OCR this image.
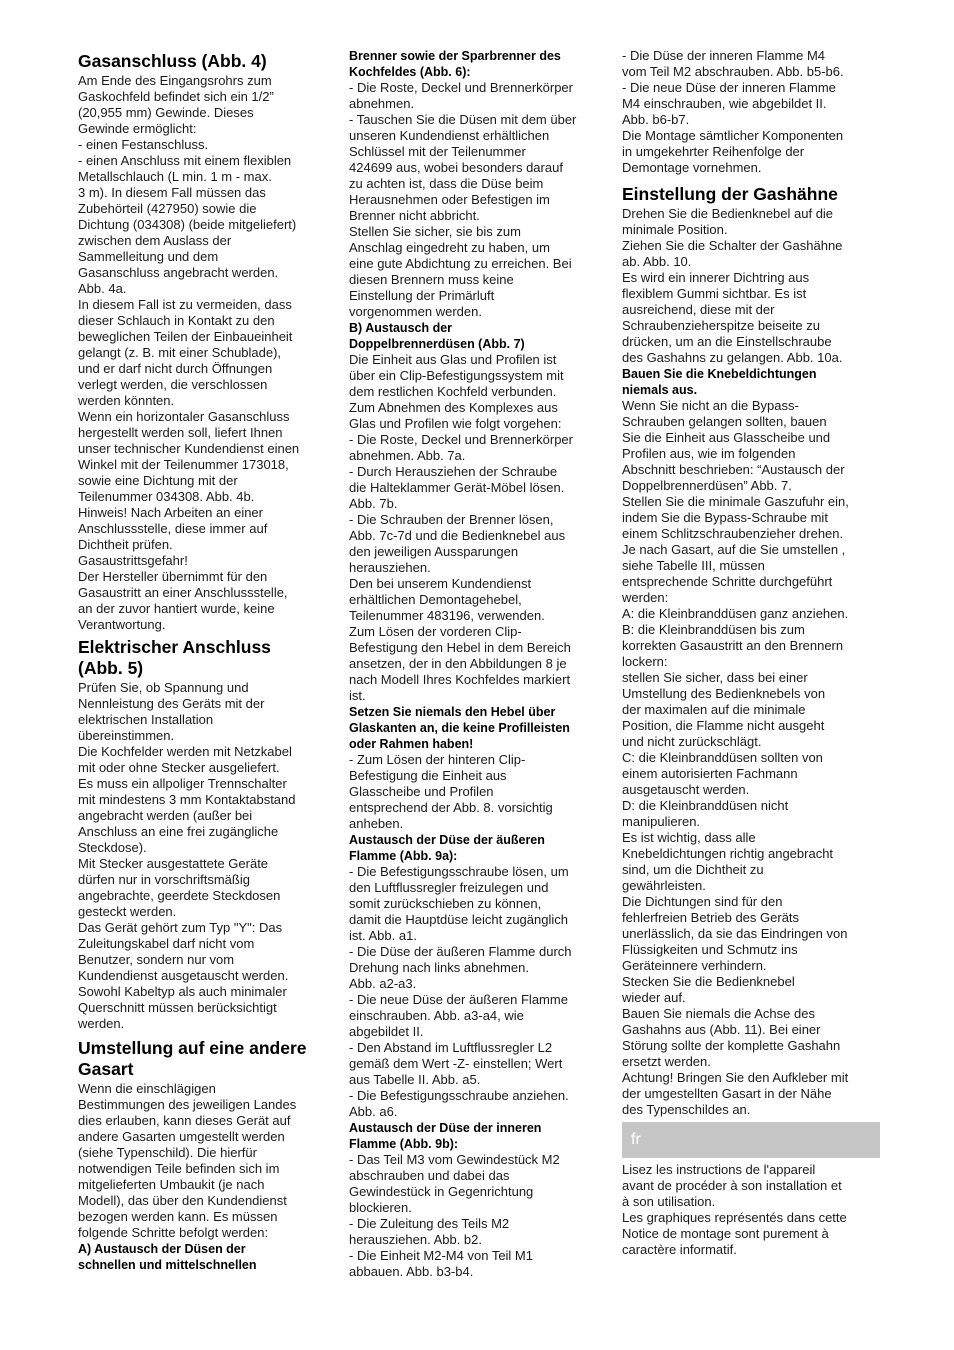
Gasanschluss (Abb. 4)

Am Ende des Eingangsrohrs zum
Gaskochfeld befindet sich ein 1/2”
(20,955 mm) Gewinde. Dieses
Gewinde ermöglicht:
- einen Festanschluss.
- einen Anschluss mit einem flexiblen
Metallschlauch (L min. 1 m - max.
3 m). In diesem Fall müssen das
Zubehörteil (427950) sowie die
Dichtung (034308) (beide mitgeliefert)
zwischen dem Auslass der
Sammelleitung und dem
Gasanschluss angebracht werden.
Abb. 4a.
In diesem Fall ist zu vermeiden, dass
dieser Schlauch in Kontakt zu den
beweglichen Teilen der Einbaueinheit
gelangt (z. B. mit einer Schublade),
und er darf nicht durch Öffnungen
verlegt werden, die verschlossen
werden könnten.
Wenn ein horizontaler Gasanschluss
hergestellt werden soll, liefert Ihnen
unser technischer Kundendienst einen
Winkel mit der Teilenummer 173018,
sowie eine Dichtung mit der
Teilenummer 034308. Abb. 4b.
Hinweis! Nach Arbeiten an einer
Anschlussstelle, diese immer auf
Dichtheit prüfen.
Gasaustrittsgefahr!
Der Hersteller übernimmt für den
Gasaustritt an einer Anschlussstelle,
an der zuvor hantiert wurde, keine
Verantwortung.

Elektrischer Anschluss
(Abb. 5)

Prüfen Sie, ob Spannung und
Nennleistung des Geräts mit der
elektrischen Installation
übereinstimmen.
Die Kochfelder werden mit Netzkabel
mit oder ohne Stecker ausgeliefert.
Es muss ein allpoliger Trennschalter
mit mindestens 3 mm Kontaktabstand
angebracht werden (außer bei
Anschluss an eine frei zugängliche
Steckdose).
Mit Stecker ausgestattete Geräte
dürfen nur in vorschriftsmäßig
angebrachte, geerdete Steckdosen
gesteckt werden.
Das Gerät gehört zum Typ "Y": Das
Zuleitungskabel darf nicht vom
Benutzer, sondern nur vom
Kundendienst ausgetauscht werden.
Sowohl Kabeltyp als auch minimaler
Querschnitt müssen berücksichtigt
werden.

Umstellung auf eine andere
Gasart

Wenn die einschlägigen
Bestimmungen des jeweiligen Landes
dies erlauben, kann dieses Gerät auf
andere Gasarten umgestellt werden
(siehe Typenschild). Die hierfür
notwendigen Teile befinden sich im
mitgelieferten Umbaukit (je nach
Modell), das über den Kundendienst
bezogen werden kann. Es müssen
folgende Schritte befolgt werden:

A) Austausch der Düsen der
schnellen und mittelschnellen

Brenner sowie der Sparbrenner des
Kochfeldes (Abb. 6):

- Die Roste, Deckel und Brennerkörper
abnehmen.
- Tauschen Sie die Düsen mit dem über
unseren Kundendienst erhältlichen
Schlüssel mit der Teilenummer
424699 aus, wobei besonders darauf
zu achten ist, dass die Düse beim
Herausnehmen oder Befestigen im
Brenner nicht abbricht.
Stellen Sie sicher, sie bis zum
Anschlag eingedreht zu haben, um
eine gute Abdichtung zu erreichen. Bei
diesen Brennern muss keine
Einstellung der Primärluft
vorgenommen werden.

B) Austausch der
Doppelbrennerdüsen (Abb. 7)

Die Einheit aus Glas und Profilen ist
über ein Clip-Befestigungssystem mit
dem restlichen Kochfeld verbunden.
Zum Abnehmen des Komplexes aus
Glas und Profilen wie folgt vorgehen:
- Die Roste, Deckel und Brennerkörper
abnehmen. Abb. 7a.
- Durch Herausziehen der Schraube
die Halteklammer Gerät-Möbel lösen.
Abb. 7b.
- Die Schrauben der Brenner lösen,
Abb. 7c-7d und die Bedienknebel aus
den jeweiligen Aussparungen
herausziehen.
Den bei unserem Kundendienst
erhältlichen Demontagehebel,
Teilenummer 483196, verwenden.
Zum Lösen der vorderen Clip-
Befestigung den Hebel in dem Bereich
ansetzen, der in den Abbildungen 8 je
nach Modell Ihres Kochfeldes markiert
ist.

Setzen Sie niemals den Hebel über
Glaskanten an, die keine Profilleisten
oder Rahmen haben!

- Zum Lösen der hinteren Clip-
Befestigung die Einheit aus
Glasscheibe und Profilen
entsprechend der Abb. 8. vorsichtig
anheben.

Austausch der Düse der äußeren
Flamme (Abb. 9a):

- Die Befestigungsschraube lösen, um
den Luftflussregler freizulegen und
somit zurückschieben zu können,
damit die Hauptdüse leicht zugänglich
ist. Abb. a1.
- Die Düse der äußeren Flamme durch
Drehung nach links abnehmen.
Abb. a2-a3.
- Die neue Düse der äußeren Flamme
einschrauben. Abb. a3-a4, wie
abgebildet II.
- Den Abstand im Luftflussregler L2
gemäß dem Wert -Z- einstellen; Wert
aus Tabelle II. Abb. a5.
- Die Befestigungsschraube anziehen.
Abb. a6.

Austausch der Düse der inneren
Flamme (Abb. 9b):

- Das Teil M3 vom Gewindestück M2
abschrauben und dabei das
Gewindestück in Gegenrichtung
blockieren.
- Die Zuleitung des Teils M2
herausziehen. Abb. b2.
- Die Einheit M2-M4 von Teil M1
abbauen. Abb. b3-b4.

- Die Düse der inneren Flamme M4
vom Teil M2 abschrauben. Abb. b5-b6.
- Die neue Düse der inneren Flamme
M4 einschrauben, wie abgebildet II.
Abb. b6-b7.
Die Montage sämtlicher Komponenten
in umgekehrter Reihenfolge der
Demontage vornehmen.

Einstellung der Gashähne

Drehen Sie die Bedienknebel auf die
minimale Position.
Ziehen Sie die Schalter der Gashähne
ab. Abb. 10.
Es wird ein innerer Dichtring aus
flexiblem Gummi sichtbar. Es ist
ausreichend, diese mit der
Schraubenzieherspitze beiseite zu
drücken, um an die Einstellschraube
des Gashahns zu gelangen. Abb. 10a.

Bauen Sie die Knebeldichtungen
niemals aus.

Wenn Sie nicht an die Bypass-
Schrauben gelangen sollten, bauen
Sie die Einheit aus Glasscheibe und
Profilen aus, wie im folgenden
Abschnitt beschrieben: “Austausch der
Doppelbrennerdüsen” Abb. 7.
Stellen Sie die minimale Gaszufuhr ein,
indem Sie die Bypass-Schraube mit
einem Schlitzschraubenzieher drehen.
Je nach Gasart, auf die Sie umstellen ,
siehe Tabelle III, müssen
entsprechende Schritte durchgeführt
werden:
A: die Kleinbranddüsen ganz anziehen.
B: die Kleinbranddüsen bis zum
korrekten Gasaustritt an den Brennern
lockern:
stellen Sie sicher, dass bei einer
Umstellung des Bedienknebels von
der maximalen auf die minimale
Position, die Flamme nicht ausgeht
und nicht zurückschlägt.
C: die Kleinbranddüsen sollten von
einem autorisierten Fachmann
ausgetauscht werden.
D: die Kleinbranddüsen nicht
manipulieren.
Es ist wichtig, dass alle
Knebeldichtungen richtig angebracht
sind, um die Dichtheit zu
gewährleisten.
Die Dichtungen sind für den
fehlerfreien Betrieb des Geräts
unerlässlich, da sie das Eindringen von
Flüssigkeiten und Schmutz ins
Geräteinnere verhindern.
Stecken Sie die Bedienknebel
wieder auf.
Bauen Sie niemals die Achse des
Gashahns aus (Abb. 11). Bei einer
Störung sollte der komplette Gashahn
ersetzt werden.
Achtung! Bringen Sie den Aufkleber mit
der umgestellten Gasart in der Nähe
des Typenschildes an.

fr

Lisez les instructions de l'appareil
avant de procéder à son installation et
à son utilisation.
Les graphiques représentés dans cette
Notice de montage sont purement à
caractère informatif.
